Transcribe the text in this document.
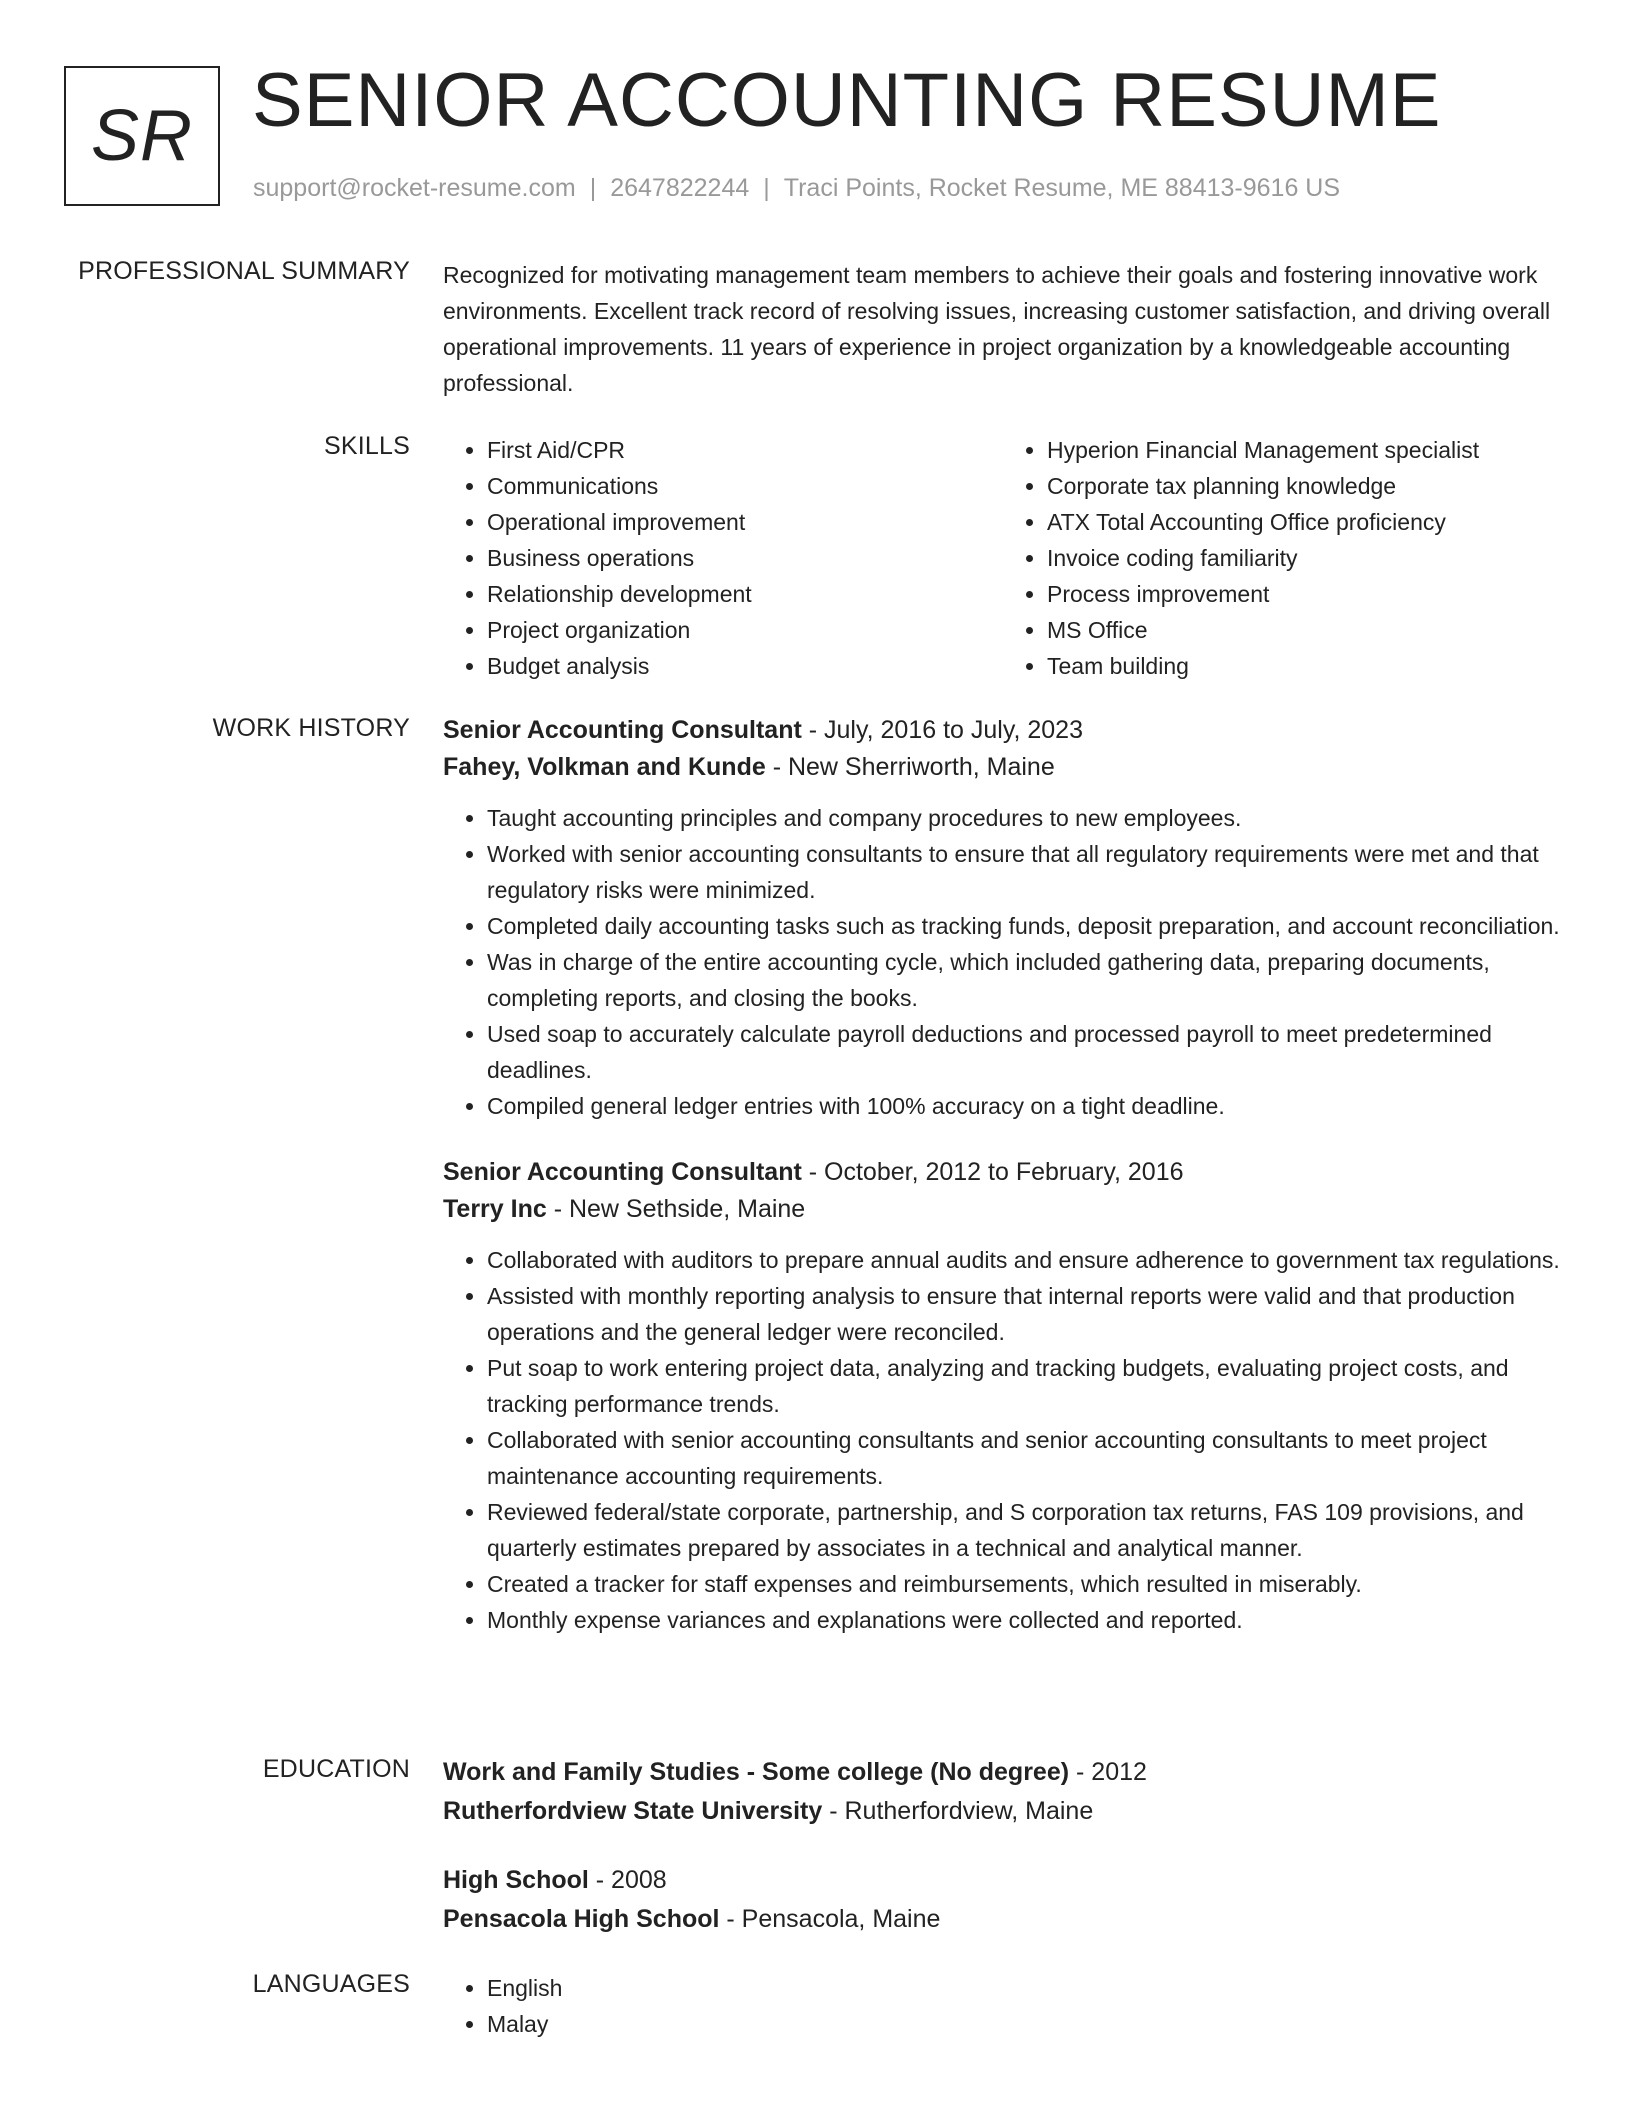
SR SENIOR ACCOUNTING RESUME
support@rocket-resume.com | 2647822244 | Traci Points, Rocket Resume, ME 88413-9616 US
PROFESSIONAL SUMMARY Recognized for motivating management team members to achieve their goals and fostering innovative work environments. Excellent track record of resolving issues, increasing customer satisfaction, and driving overall operational improvements. 11 years of experience in project organization by a knowledgeable accounting professional.

SKILLS	• First Aid/CPR
• Communications
• Operational improvement
• Business operations
• Relationship development
• Project organization
• Budget analysis
• Hyperion Financial Management specialist
• Corporate tax planning knowledge
• ATX Total Accounting Office proficiency
• Invoice coding familiarity
• Process improvement
• MS Office
• Team building
WORK HISTORY Senior Accounting Consultant - July, 2016 to July, 2023
Fahey, Volkman and Kunde - New Sherriworth, Maine
• Taught accounting principles and company procedures to new employees.
• Worked with senior accounting consultants to ensure that all regulatory requirements were met and that regulatory risks were minimized.
• Completed daily accounting tasks such as tracking funds, deposit preparation, and account reconciliation.
• Was in charge of the entire accounting cycle, which included gathering data, preparing documents, completing reports, and closing the books.
• Used soap to accurately calculate payroll deductions and processed payroll to meet predetermined deadlines.
• Compiled general ledger entries with 100% accuracy on a tight deadline.
Senior Accounting Consultant - October, 2012 to February, 2016
Terry Inc - New Sethside, Maine
• Collaborated with auditors to prepare annual audits and ensure adherence to government tax regulations.
• Assisted with monthly reporting analysis to ensure that internal reports were valid and that production operations and the general ledger were reconciled.
• Put soap to work entering project data, analyzing and tracking budgets, evaluating project costs, and tracking performance trends.
• Collaborated with senior accounting consultants and senior accounting consultants to meet project maintenance accounting requirements.
• Reviewed federal/state corporate, partnership, and S corporation tax returns, FAS 109 provisions, and quarterly estimates prepared by associates in a technical and analytical manner.
• Created a tracker for staff expenses and reimbursements, which resulted in miserably.
• Monthly expense variances and explanations were collected and reported.
EDUCATION Work and Family Studies - Some college (No degree) - 2012
Rutherfordview State University - Rutherfordview, Maine
High School - 2008
Pensacola High School - Pensacola, Maine
LANGUAGES	• English
• Malay
